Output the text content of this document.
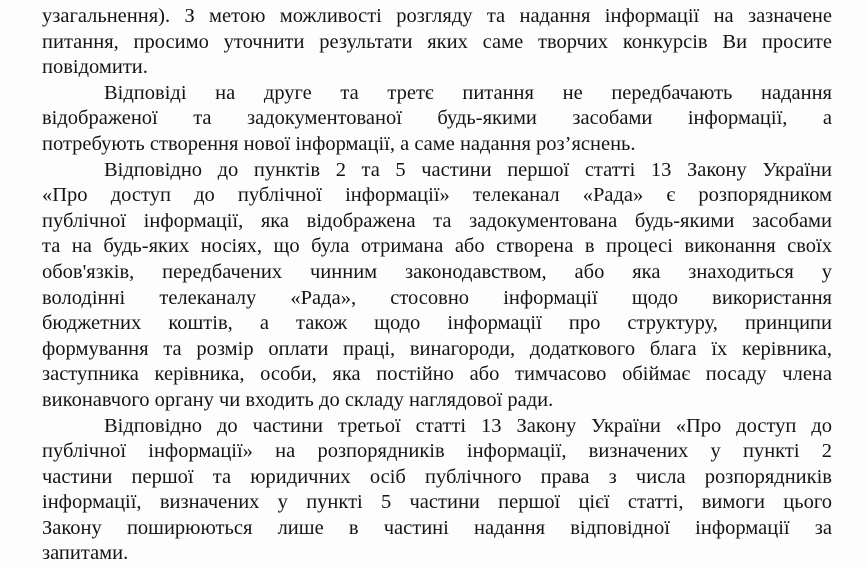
узагальнення). З метою можливості розгляду та надання інформації на зазначене
питання, просимо уточнити результати яких саме творчих конкурсів Ви просите
повідомити.
Відповіді на друге та третє питання не передбачають надання
відображеної та задокументованої будь-якими засобами інформації, а
потребують створення нової інформації, а саме надання роз’яснень.
Відповідно до пунктів 2 та 5 частини першої статті 13 Закону України
«Про доступ до публічної інформації» телеканал «Рада» є розпорядником
публічної інформації, яка відображена та задокументована будь-якими засобами
та на будь-яких носіях, що була отримана або створена в процесі виконання своїх
обов'язків, передбачених чинним законодавством, або яка знаходиться у
володінні телеканалу «Рада», стосовно інформації щодо використання
бюджетних коштів, а також щодо інформації про структуру, принципи
формування та розмір оплати праці, винагороди, додаткового блага їх керівника,
заступника керівника, особи, яка постійно або тимчасово обіймає посаду члена
виконавчого органу чи входить до складу наглядової ради.
Відповідно до частини третьої статті 13 Закону України «Про доступ до
публічної інформації» на розпорядників інформації, визначених у пункті 2
частини першої та юридичних осіб публічного права з числа розпорядників
інформації, визначених у пункті 5 частини першої цієї статті, вимоги цього
Закону поширюються лише в частині надання відповідної інформації за
запитами.
